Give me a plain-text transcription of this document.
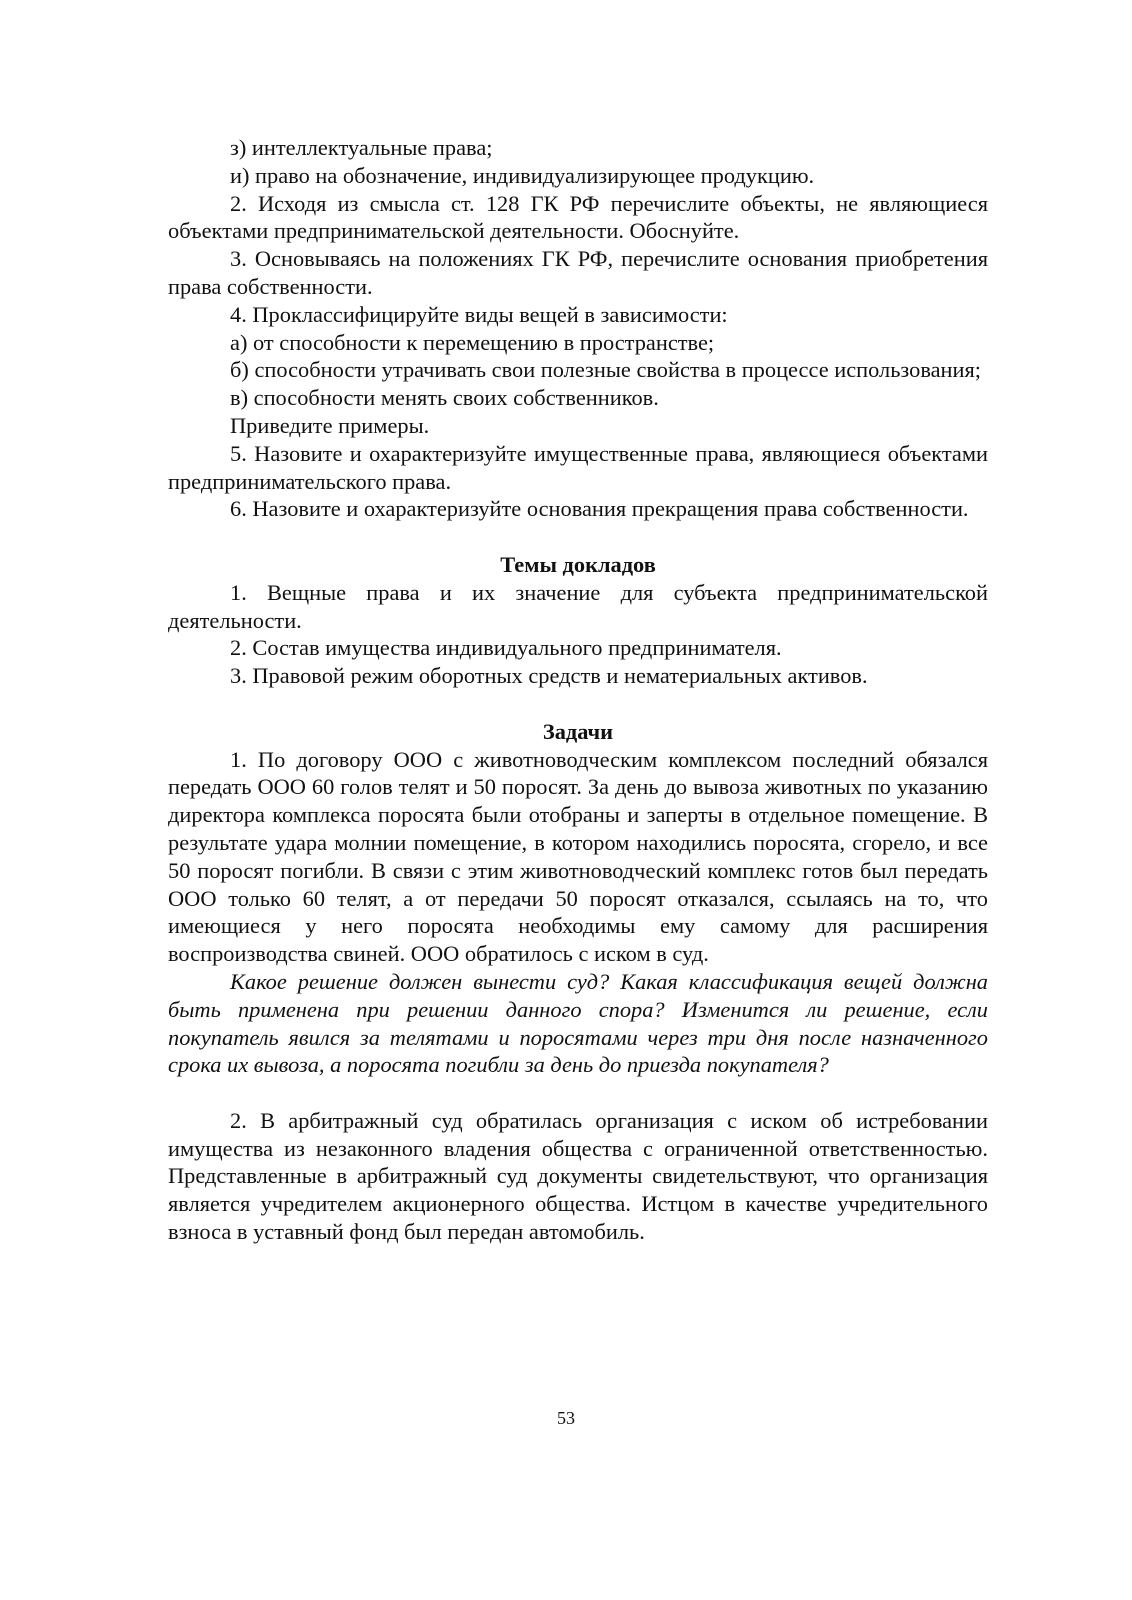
з) интеллектуальные права;

и) право на обозначение, индивидуализирующее продукцию.

2. Исходя из смысла ст. 128 ГК РФ перечислите объекты, не являющиеся объектами предпринимательской деятельности. Обоснуйте.

3. Основываясь на положениях ГК РФ, перечислите основания приобретения права собственности.

4. Проклассифицируйте виды вещей в зависимости:

а) от способности к перемещению в пространстве;

б) способности утрачивать свои полезные свойства в процессе использования;

в) способности менять своих собственников.

Приведите примеры.

5. Назовите и охарактеризуйте имущественные права, являющиеся объектами предпринимательского права.

6. Назовите и охарактеризуйте основания прекращения права собственности.

Темы докладов

1. Вещные права и их значение для субъекта предпринимательской деятельности.

2. Состав имущества индивидуального предпринимателя.

3. Правовой режим оборотных средств и нематериальных активов.

Задачи

1. По договору ООО с животноводческим комплексом последний обязался передать ООО 60 голов телят и 50 поросят. За день до вывоза животных по указанию директора комплекса поросята были отобраны и заперты в отдельное помещение. В результате удара молнии помещение, в котором находились поросята, сгорело, и все 50 поросят погибли. В связи с этим животноводческий комплекс готов был передать ООО только 60 телят, а от передачи 50 поросят отказался, ссылаясь на то, что имеющиеся у него поросята необходимы ему самому для расширения воспроизводства свиней. ООО обратилось с иском в суд.

Какое решение должен вынести суд? Какая классификация вещей должна быть применена при решении данного спора? Изменится ли решение, если покупатель явился за телятами и поросятами через три дня после назначенного срока их вывоза, а поросята погибли за день до приезда покупателя?

2. В арбитражный суд обратилась организация с иском об истребовании имущества из незаконного владения общества с ограниченной ответственностью. Представленные в арбитражный суд документы свидетельствуют, что организация является учредителем акционерного общества. Истцом в качестве учредительного взноса в уставный фонд был передан автомобиль.

53
